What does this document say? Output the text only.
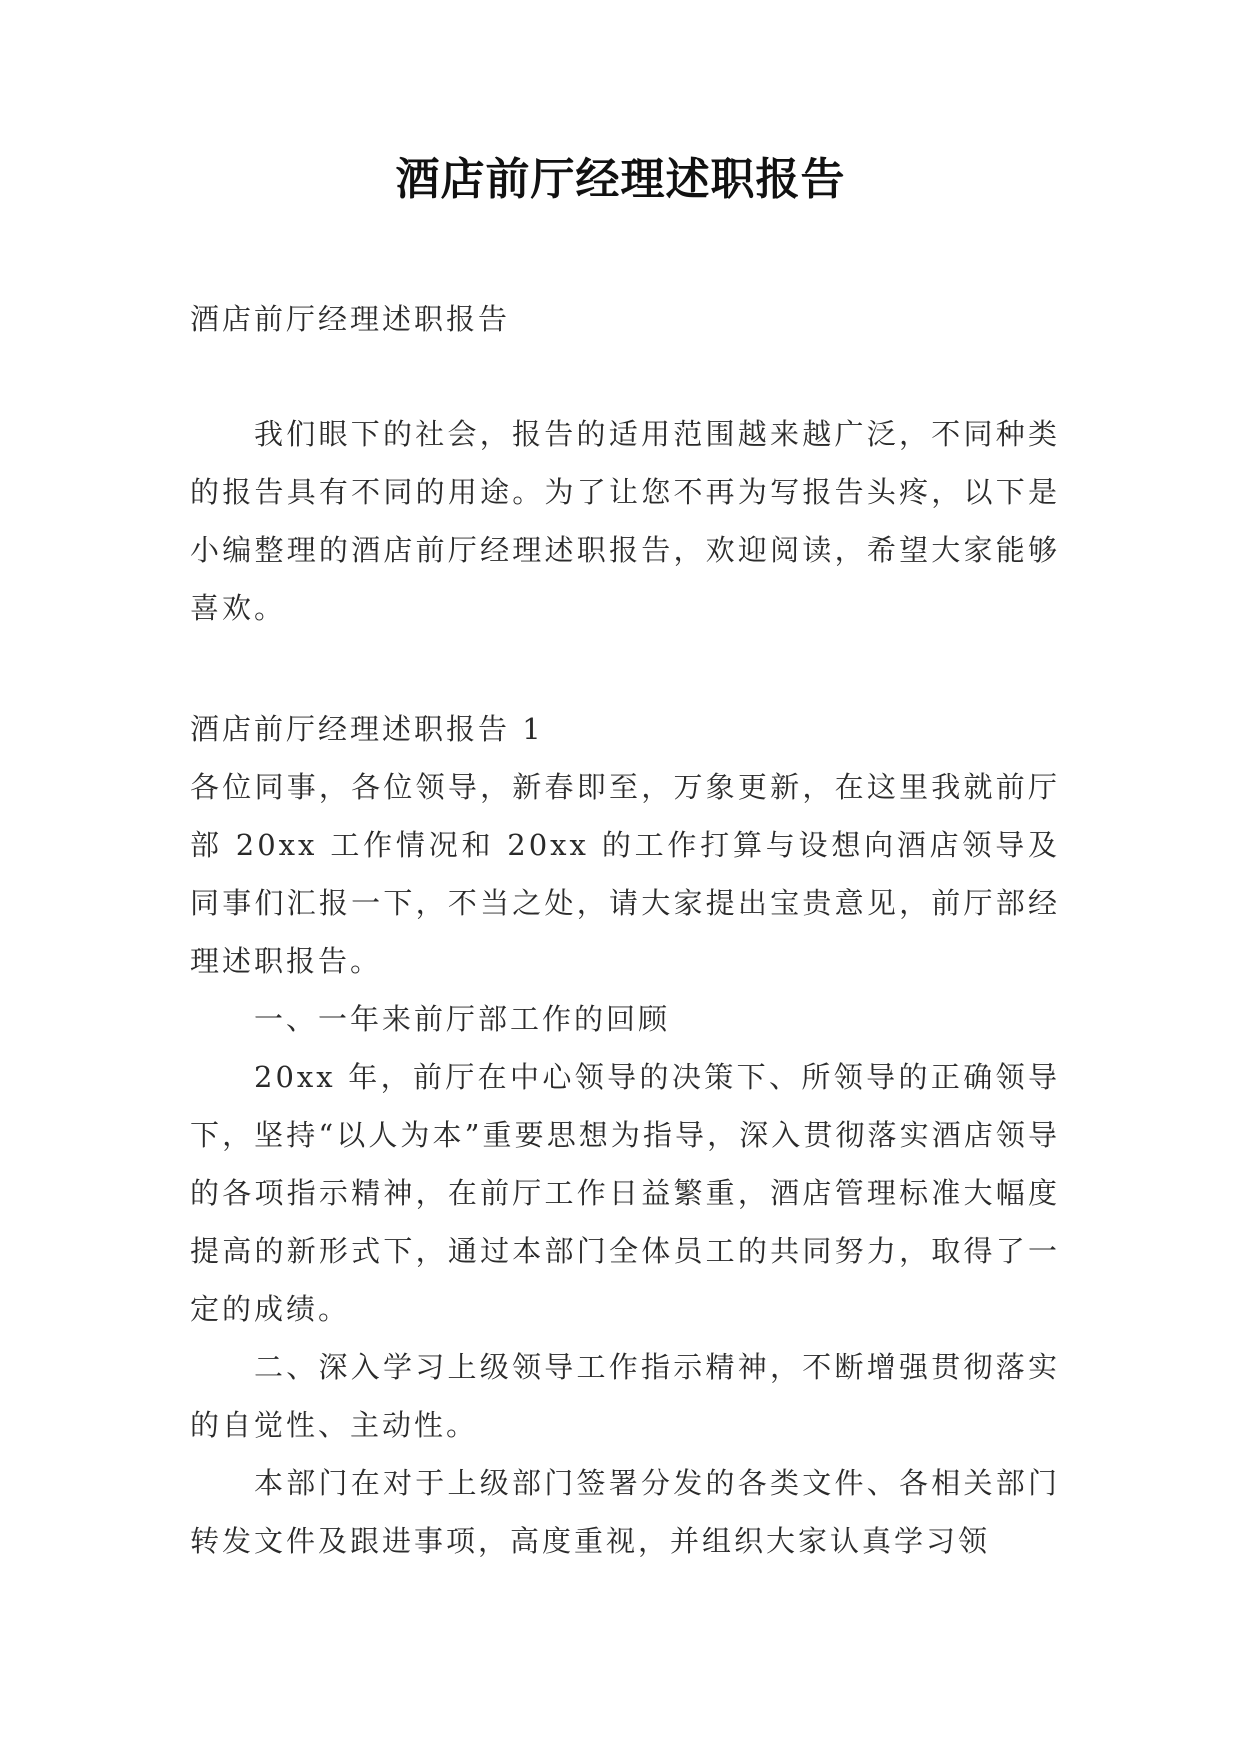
酒店前厅经理述职报告
酒店前厅经理述职报告
我们眼下的社会，报告的适用范围越来越广泛，不同种类的报告具有不同的用途。为了让您不再为写报告头疼，以下是小编整理的酒店前厅经理述职报告，欢迎阅读，希望大家能够喜欢。

酒店前厅经理述职报告 1

各位同事，各位领导，新春即至，万象更新，在这里我就前厅部 20xx 工作情况和 20xx 的工作打算与设想向酒店领导及同事们汇报一下，不当之处，请大家提出宝贵意见，前厅部经理述职报告。

一、一年来前厅部工作的回顾

20xx 年，前厅在中心领导的决策下、所领导的正确领导下，坚持“以人为本”重要思想为指导，深入贯彻落实酒店领导的各项指示精神，在前厅工作日益繁重，酒店管理标准大幅度提高的新形式下，通过本部门全体员工的共同努力，取得了一定的成绩。

二、深入学习上级领导工作指示精神，不断增强贯彻落实的自觉性、主动性。

本部门在对于上级部门签署分发的各类文件、各相关部门转发文件及跟进事项，高度重视，并组织大家认真学习领
